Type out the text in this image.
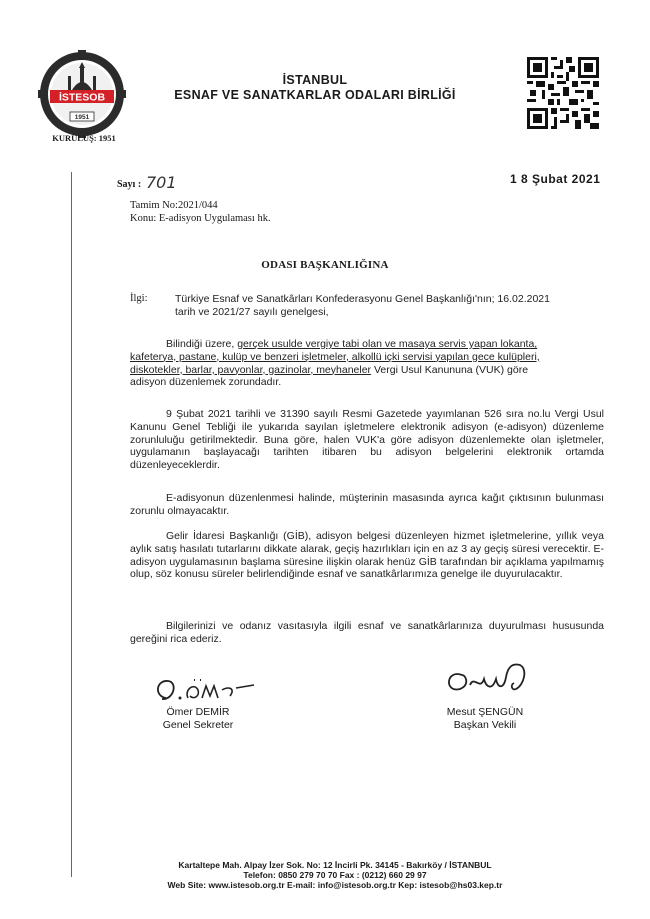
İSTESOB
1951
KURULUŞ: 1951
İSTANBUL
ESNAF VE SANATKARLAR ODALARI BİRLİĞİ
Sayı : 701	1 8 Şubat 2021
Tamim No:2021/044
Konu: E-adisyon Uygulaması hk.
ODASI BAŞKANLIĞINA
İlgi:	Türkiye Esnaf ve Sanatkârları Konfederasyonu Genel Başkanlığı'nın; 16.02.2021
tarih ve 2021/27 sayılı genelgesi,
Bilindiği üzere, gerçek usulde vergiye tabi olan ve masaya servis yapan lokanta,
kafeterya, pastane, kulüp ve benzeri işletmeler, alkollü içki servisi yapılan gece kulüpleri,
diskotekler, barlar, pavyonlar, gazinolar, meyhaneler Vergi Usul Kanununa (VUK) göre
adisyon düzenlemek zorundadır.
9 Şubat 2021 tarihli ve 31390 sayılı Resmi Gazetede yayımlanan 526 sıra no.lu Vergi Usul Kanunu Genel Tebliği ile yukarıda sayılan işletmelere elektronik adisyon (e-adisyon) düzenleme zorunluluğu getirilmektedir. Buna göre, halen VUK'a göre adisyon düzenlemekte olan işletmeler, uygulamanın başlayacağı tarihten itibaren bu adisyon belgelerini elektronik ortamda düzenleyeceklerdir.
E-adisyonun düzenlenmesi halinde, müşterinin masasında ayrıca kağıt çıktısının bulunması zorunlu olmayacaktır.
Gelir İdaresi Başkanlığı (GİB), adisyon belgesi düzenleyen hizmet işletmelerine, yıllık veya aylık satış hasılatı tutarlarını dikkate alarak, geçiş hazırlıkları için en az 3 ay geçiş süresi verecektir. E-adisyon uygulamasının başlama süresine ilişkin olarak henüz GİB tarafından bir açıklama yapılmamış olup, söz konusu süreler belirlendiğinde esnaf ve sanatkârlarımıza genelge ile duyurulacaktır.
Bilgilerinizi ve odanız vasıtasıyla ilgili esnaf ve sanatkârlarınıza duyurulması hususunda gereğini rica ederiz.
Ömer DEMİR
Genel Sekreter
Mesut ŞENGÜN
Başkan Vekili
Kartaltepe Mah. Alpay İzer Sok. No: 12 İncirli Pk. 34145 - Bakırköy / İSTANBUL
Telefon: 0850 279 70 70 Fax : (0212) 660 29 97
Web Site: www.istesob.org.tr E-mail: info@istesob.org.tr Kep: istesob@hs03.kep.tr
